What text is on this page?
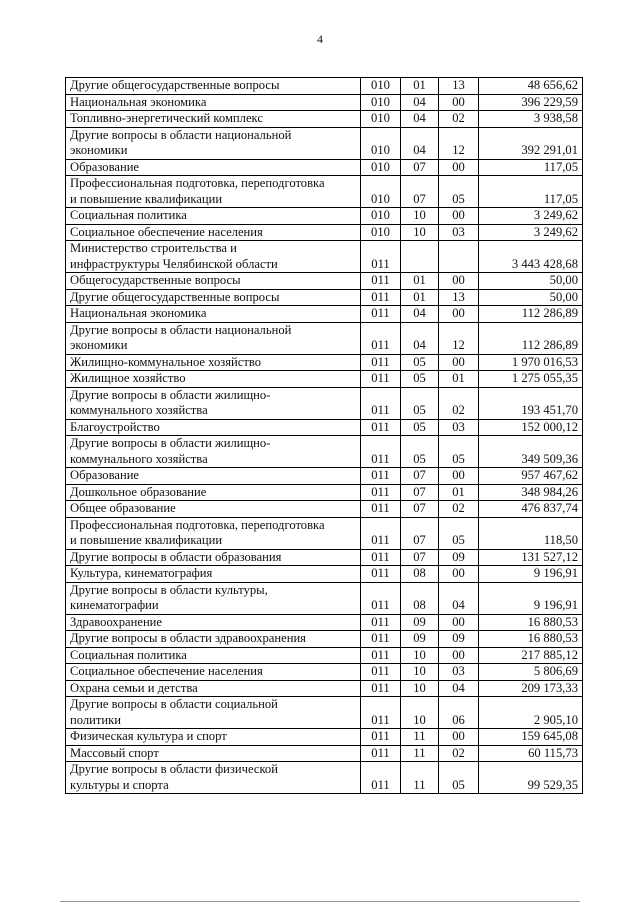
4
Другие общегосударственные вопросы	010	01	13	48 656,62
Национальная экономика	010	04	00	396 229,59
Топливно-энергетический комплекс	010	04	02	3 938,58
Другие вопросы в области национальной
экономики	010	04	12	392 291,01
Образование	010	07	00	117,05
Профессиональная подготовка, переподготовка
и повышение квалификации	010	07	05	117,05
Социальная политика	010	10	00	3 249,62
Социальное обеспечение населения	010	10	03	3 249,62
Министерство строительства и
инфраструктуры Челябинской области	011			3 443 428,68
Общегосударственные вопросы	011	01	00	50,00
Другие общегосударственные вопросы	011	01	13	50,00
Национальная экономика	011	04	00	112 286,89
Другие вопросы в области национальной
экономики	011	04	12	112 286,89
Жилищно-коммунальное хозяйство	011	05	00	1 970 016,53
Жилищное хозяйство	011	05	01	1 275 055,35
Другие вопросы в области жилищно-
коммунального хозяйства	011	05	02	193 451,70
Благоустройство	011	05	03	152 000,12
Другие вопросы в области жилищно-
коммунального хозяйства	011	05	05	349 509,36
Образование	011	07	00	957 467,62
Дошкольное образование	011	07	01	348 984,26
Общее образование	011	07	02	476 837,74
Профессиональная подготовка, переподготовка
и повышение квалификации	011	07	05	118,50
Другие вопросы в области образования	011	07	09	131 527,12
Культура, кинематография	011	08	00	9 196,91
Другие вопросы в области культуры,
кинематографии	011	08	04	9 196,91
Здравоохранение	011	09	00	16 880,53
Другие вопросы в области здравоохранения	011	09	09	16 880,53
Социальная политика	011	10	00	217 885,12
Социальное обеспечение населения	011	10	03	5 806,69
Охрана семьи и детства	011	10	04	209 173,33
Другие вопросы в области социальной
политики	011	10	06	2 905,10
Физическая культура и спорт	011	11	00	159 645,08
Массовый спорт	011	11	02	60 115,73
Другие вопросы в области физической
культуры и спорта	011	11	05	99 529,35
